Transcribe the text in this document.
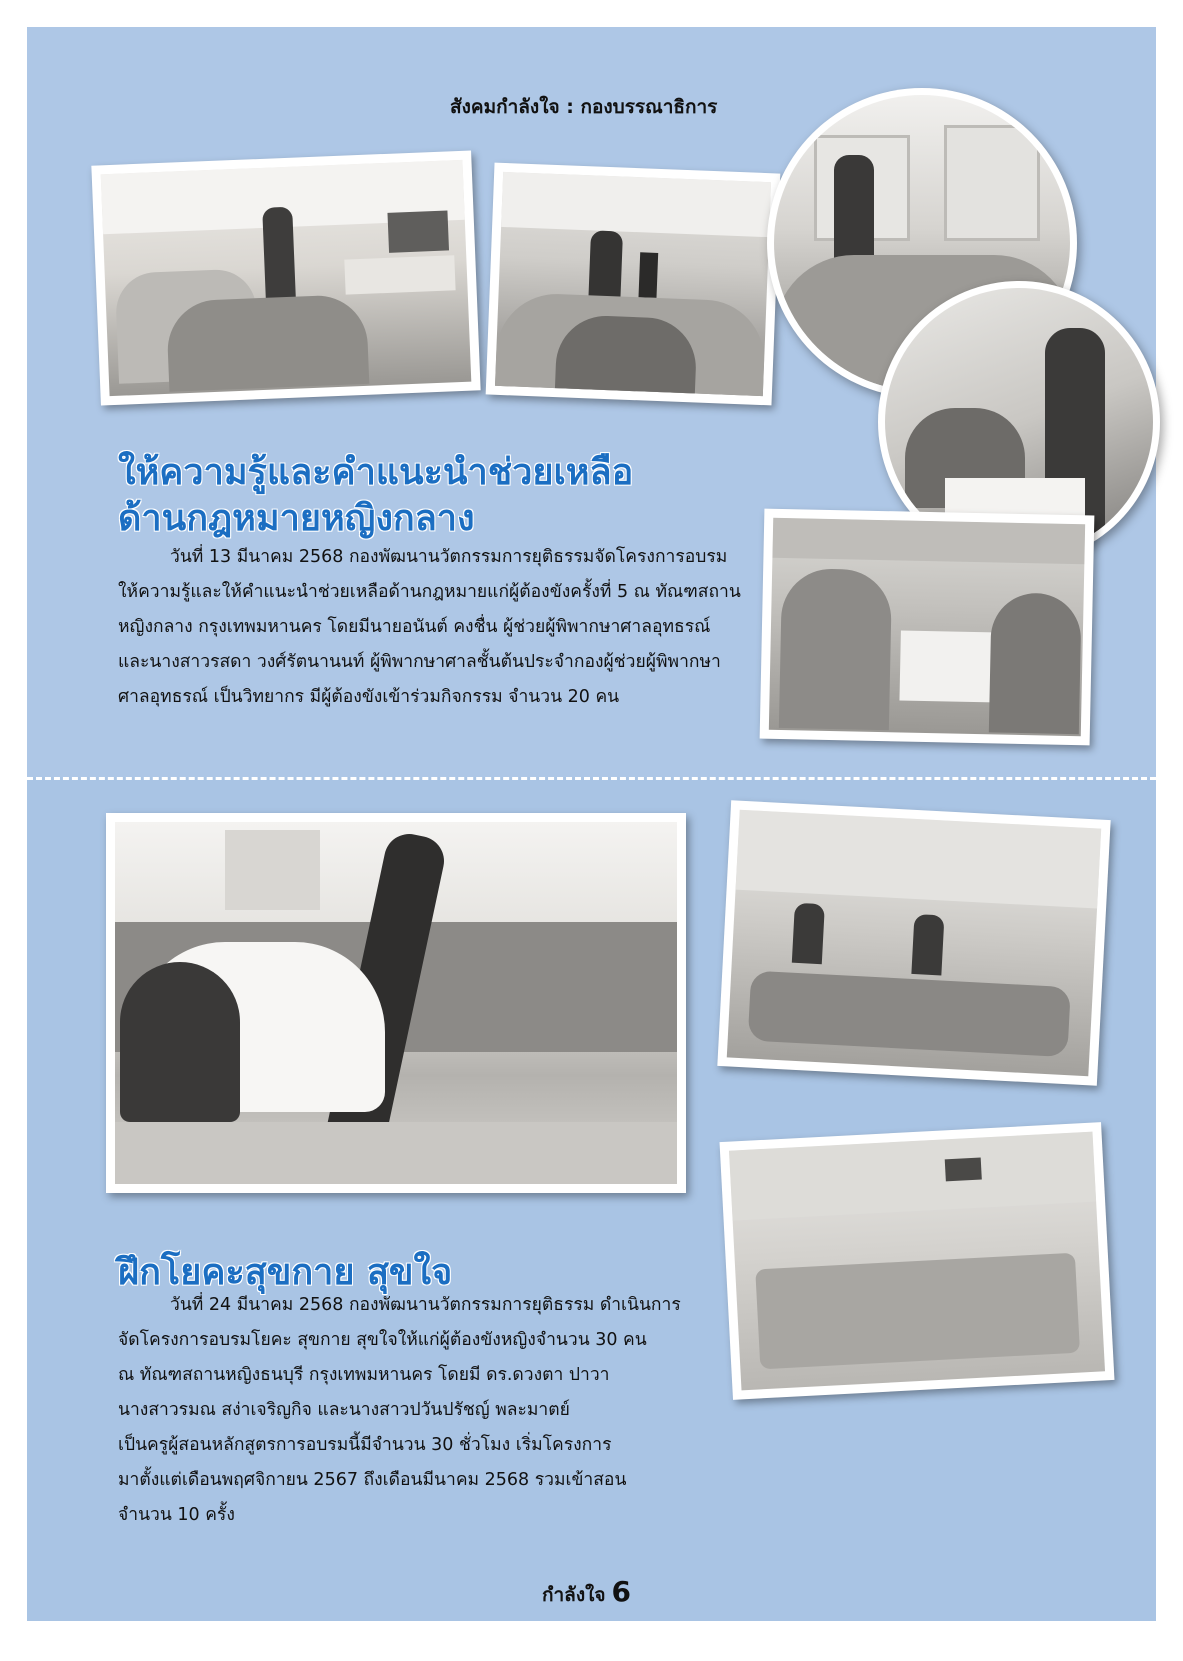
สังคมกำลังใจ : กองบรรณาธิการ
ให้ความรู้และคำแนะนำช่วยเหลือ
ด้านกฎหมายหญิงกลาง
วันที่ 13 มีนาคม 2568 กองพัฒนานวัตกรรมการยุติธรรมจัดโครงการอบรม
ให้ความรู้และให้คำแนะนำช่วยเหลือด้านกฎหมายแก่ผู้ต้องขังครั้งที่ 5 ณ ทัณฑสถาน
หญิงกลาง กรุงเทพมหานคร โดยมีนายอนันต์ คงชื่น ผู้ช่วยผู้พิพากษาศาลอุทธรณ์
และนางสาวรสดา วงศ์รัตนานนท์ ผู้พิพากษาศาลชั้นต้นประจำกองผู้ช่วยผู้พิพากษา
ศาลอุทธรณ์ เป็นวิทยากร มีผู้ต้องขังเข้าร่วมกิจกรรม จำนวน 20 คน
ฝึกโยคะสุขกาย สุขใจ
วันที่ 24 มีนาคม 2568 กองพัฒนานวัตกรรมการยุติธรรม ดำเนินการ
จัดโครงการอบรมโยคะ สุขกาย สุขใจให้แก่ผู้ต้องขังหญิงจำนวน 30 คน
ณ ทัณฑสถานหญิงธนบุรี กรุงเทพมหานคร โดยมี ดร.ดวงตา ปาวา
นางสาวรมณ สง่าเจริญกิจ และนางสาวปวันปรัชญ์ พละมาตย์
เป็นครูผู้สอนหลักสูตรการอบรมนี้มีจำนวน 30 ชั่วโมง เริ่มโครงการ
มาตั้งแต่เดือนพฤศจิกายน 2567 ถึงเดือนมีนาคม 2568 รวมเข้าสอน
จำนวน 10 ครั้ง
กำลังใจ 6
